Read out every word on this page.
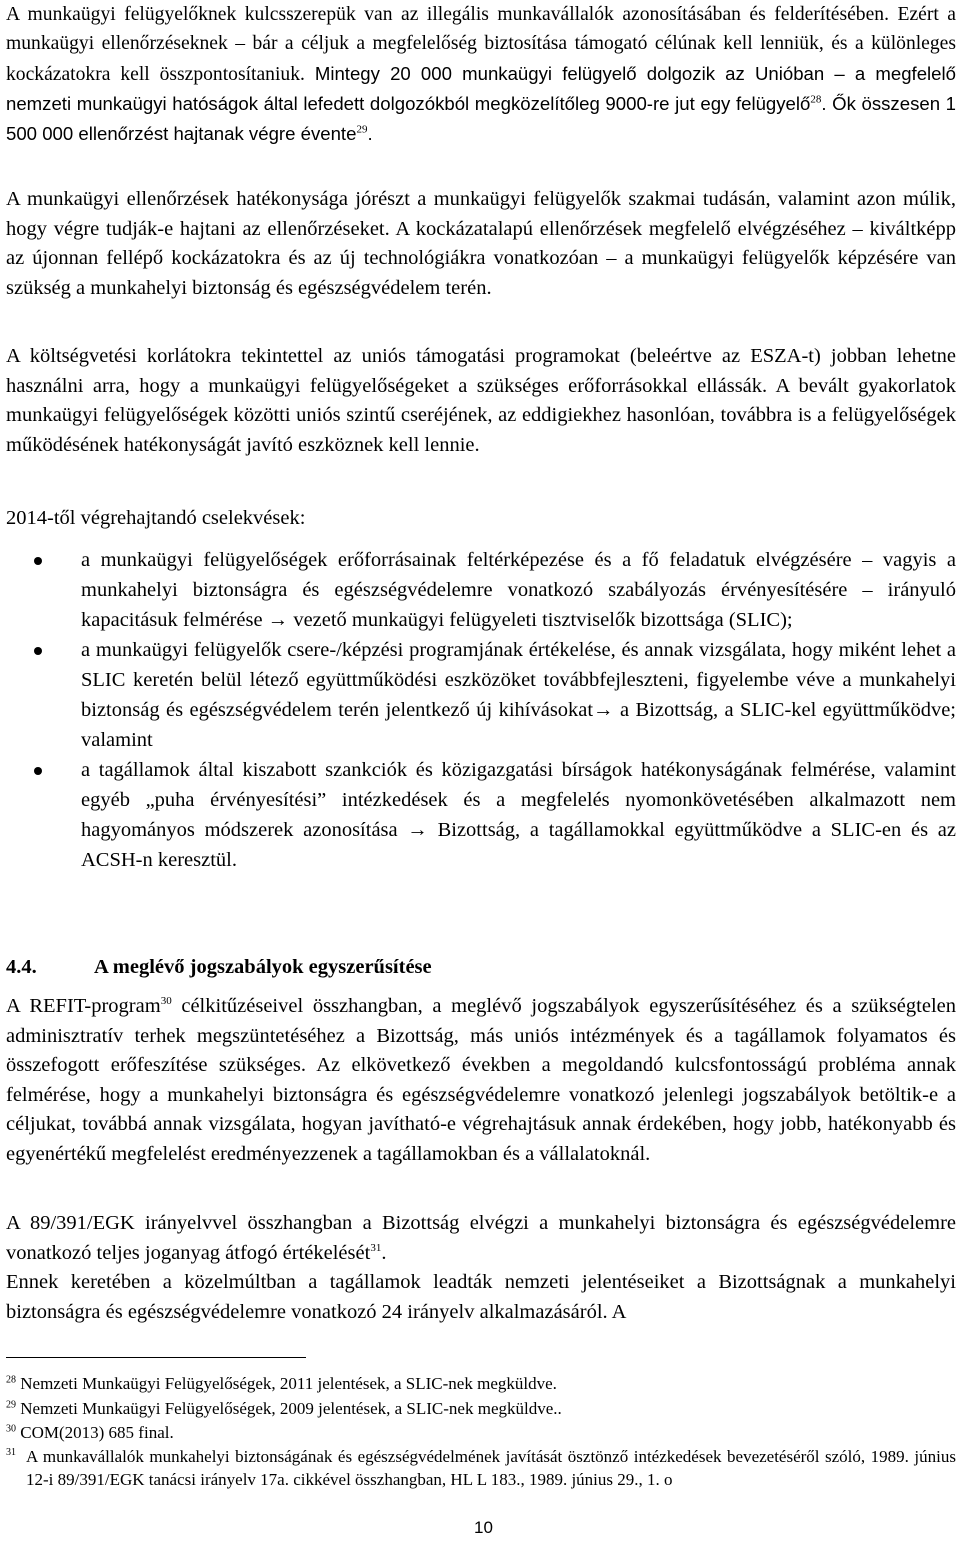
A munkaügyi felügyelőknek kulcsszerepük van az illegális munkavállalók azonosításában és felderítésében. Ezért a munkaügyi ellenőrzéseknek – bár a céljuk a megfelelőség biztosítása támogató célúnak kell lenniük, és a különleges kockázatokra kell összpontosítaniuk. Mintegy 20 000 munkaügyi felügyelő dolgozik az Unióban – a megfelelő nemzeti munkaügyi hatóságok által lefedett dolgozókból megközelítőleg 9000-re jut egy felügyelő$^{28}$. Ők összesen 1 500 000 ellenőrzést hajtanak végre évente$^{29}$.

A munkaügyi ellenőrzések hatékonysága jórészt a munkaügyi felügyelők szakmai tudásán, valamint azon múlik, hogy végre tudják-e hajtani az ellenőrzéseket. A kockázatalapú ellenőrzések megfelelő elvégzéséhez – kiváltképp az újonnan fellépő kockázatokra és az új technológiákra vonatkozóan – a munkaügyi felügyelők képzésére van szükség a munkahelyi biztonság és egészségvédelem terén.

A költségvetési korlátokra tekintettel az uniós támogatási programokat (beleértve az ESZA-t) jobban lehetne használni arra, hogy a munkaügyi felügyelőségeket a szükséges erőforrásokkal ellássák. A bevált gyakorlatok munkaügyi felügyelőségek közötti uniós szintű cseréjének, az eddigiekhez hasonlóan, továbbra is a felügyelőségek működésének hatékonyságát javító eszköznek kell lennie.

2014-től végrehajtandó cselekvések:

a munkaügyi felügyelőségek erőforrásainak feltérképezése és a fő feladatuk elvégzésére – vagyis a munkahelyi biztonságra és egészségvédelemre vonatkozó szabályozás érvényesítésére – irányuló kapacitásuk felmérése → vezető munkaügyi felügyeleti tisztviselők bizottsága (SLIC);
a munkaügyi felügyelők csere-/képzési programjának értékelése, és annak vizsgálata, hogy miként lehet a SLIC keretén belül létező együttműködési eszközöket továbbfejleszteni, figyelembe véve a munkahelyi biztonság és egészségvédelem terén jelentkező új kihívásokat→ a Bizottság, a SLIC-kel együttműködve; valamint
a tagállamok által kiszabott szankciók és közigazgatási bírságok hatékonyságának felmérése, valamint egyéb „puha érvényesítési” intézkedések és a megfelelés nyomonkövetésében alkalmazott nem hagyományos módszerek azonosítása → Bizottság, a tagállamokkal együttműködve a SLIC-en és az ACSH-n keresztül.
4.4.	A meglévő jogszabályok egyszerűsítése

A REFIT-program$^{30}$ célkitűzéseivel összhangban, a meglévő jogszabályok egyszerűsítéséhez és a szükségtelen adminisztratív terhek megszüntetéséhez a Bizottság, más uniós intézmények és a tagállamok folyamatos és összefogott erőfeszítése szükséges. Az elkövetkező években a megoldandó kulcsfontosságú probléma annak felmérése, hogy a munkahelyi biztonságra és egészségvédelemre vonatkozó jelenlegi jogszabályok betöltik-e a céljukat, továbbá annak vizsgálata, hogyan javítható-e végrehajtásuk annak érdekében, hogy jobb, hatékonyabb és egyenértékű megfelelést eredményezzenek a tagállamokban és a vállalatoknál.

A 89/391/EGK irányelvvel összhangban a Bizottság elvégzi a munkahelyi biztonságra és egészségvédelemre vonatkozó teljes joganyag átfogó értékelését$^{31}$.

Ennek keretében a közelmúltban a tagállamok leadták nemzeti jelentéseiket a Bizottságnak a munkahelyi biztonságra és egészségvédelemre vonatkozó 24 irányelv alkalmazásáról. A

$^{28}$ Nemzeti Munkaügyi Felügyelőségek, 2011 jelentések, a SLIC-nek megküldve.
$^{29}$ Nemzeti Munkaügyi Felügyelőségek, 2009 jelentések, a SLIC-nek megküldve..
$^{30}$ COM(2013) 685 final.
31 A munkavállalók munkahelyi biztonságának és egészségvédelmének javítását ösztönző intézkedések bevezetéséről szóló, 1989. június 12-i 89/391/EGK tanácsi irányelv 17a. cikkével összhangban, HL L 183., 1989. június 29., 1. o
10
